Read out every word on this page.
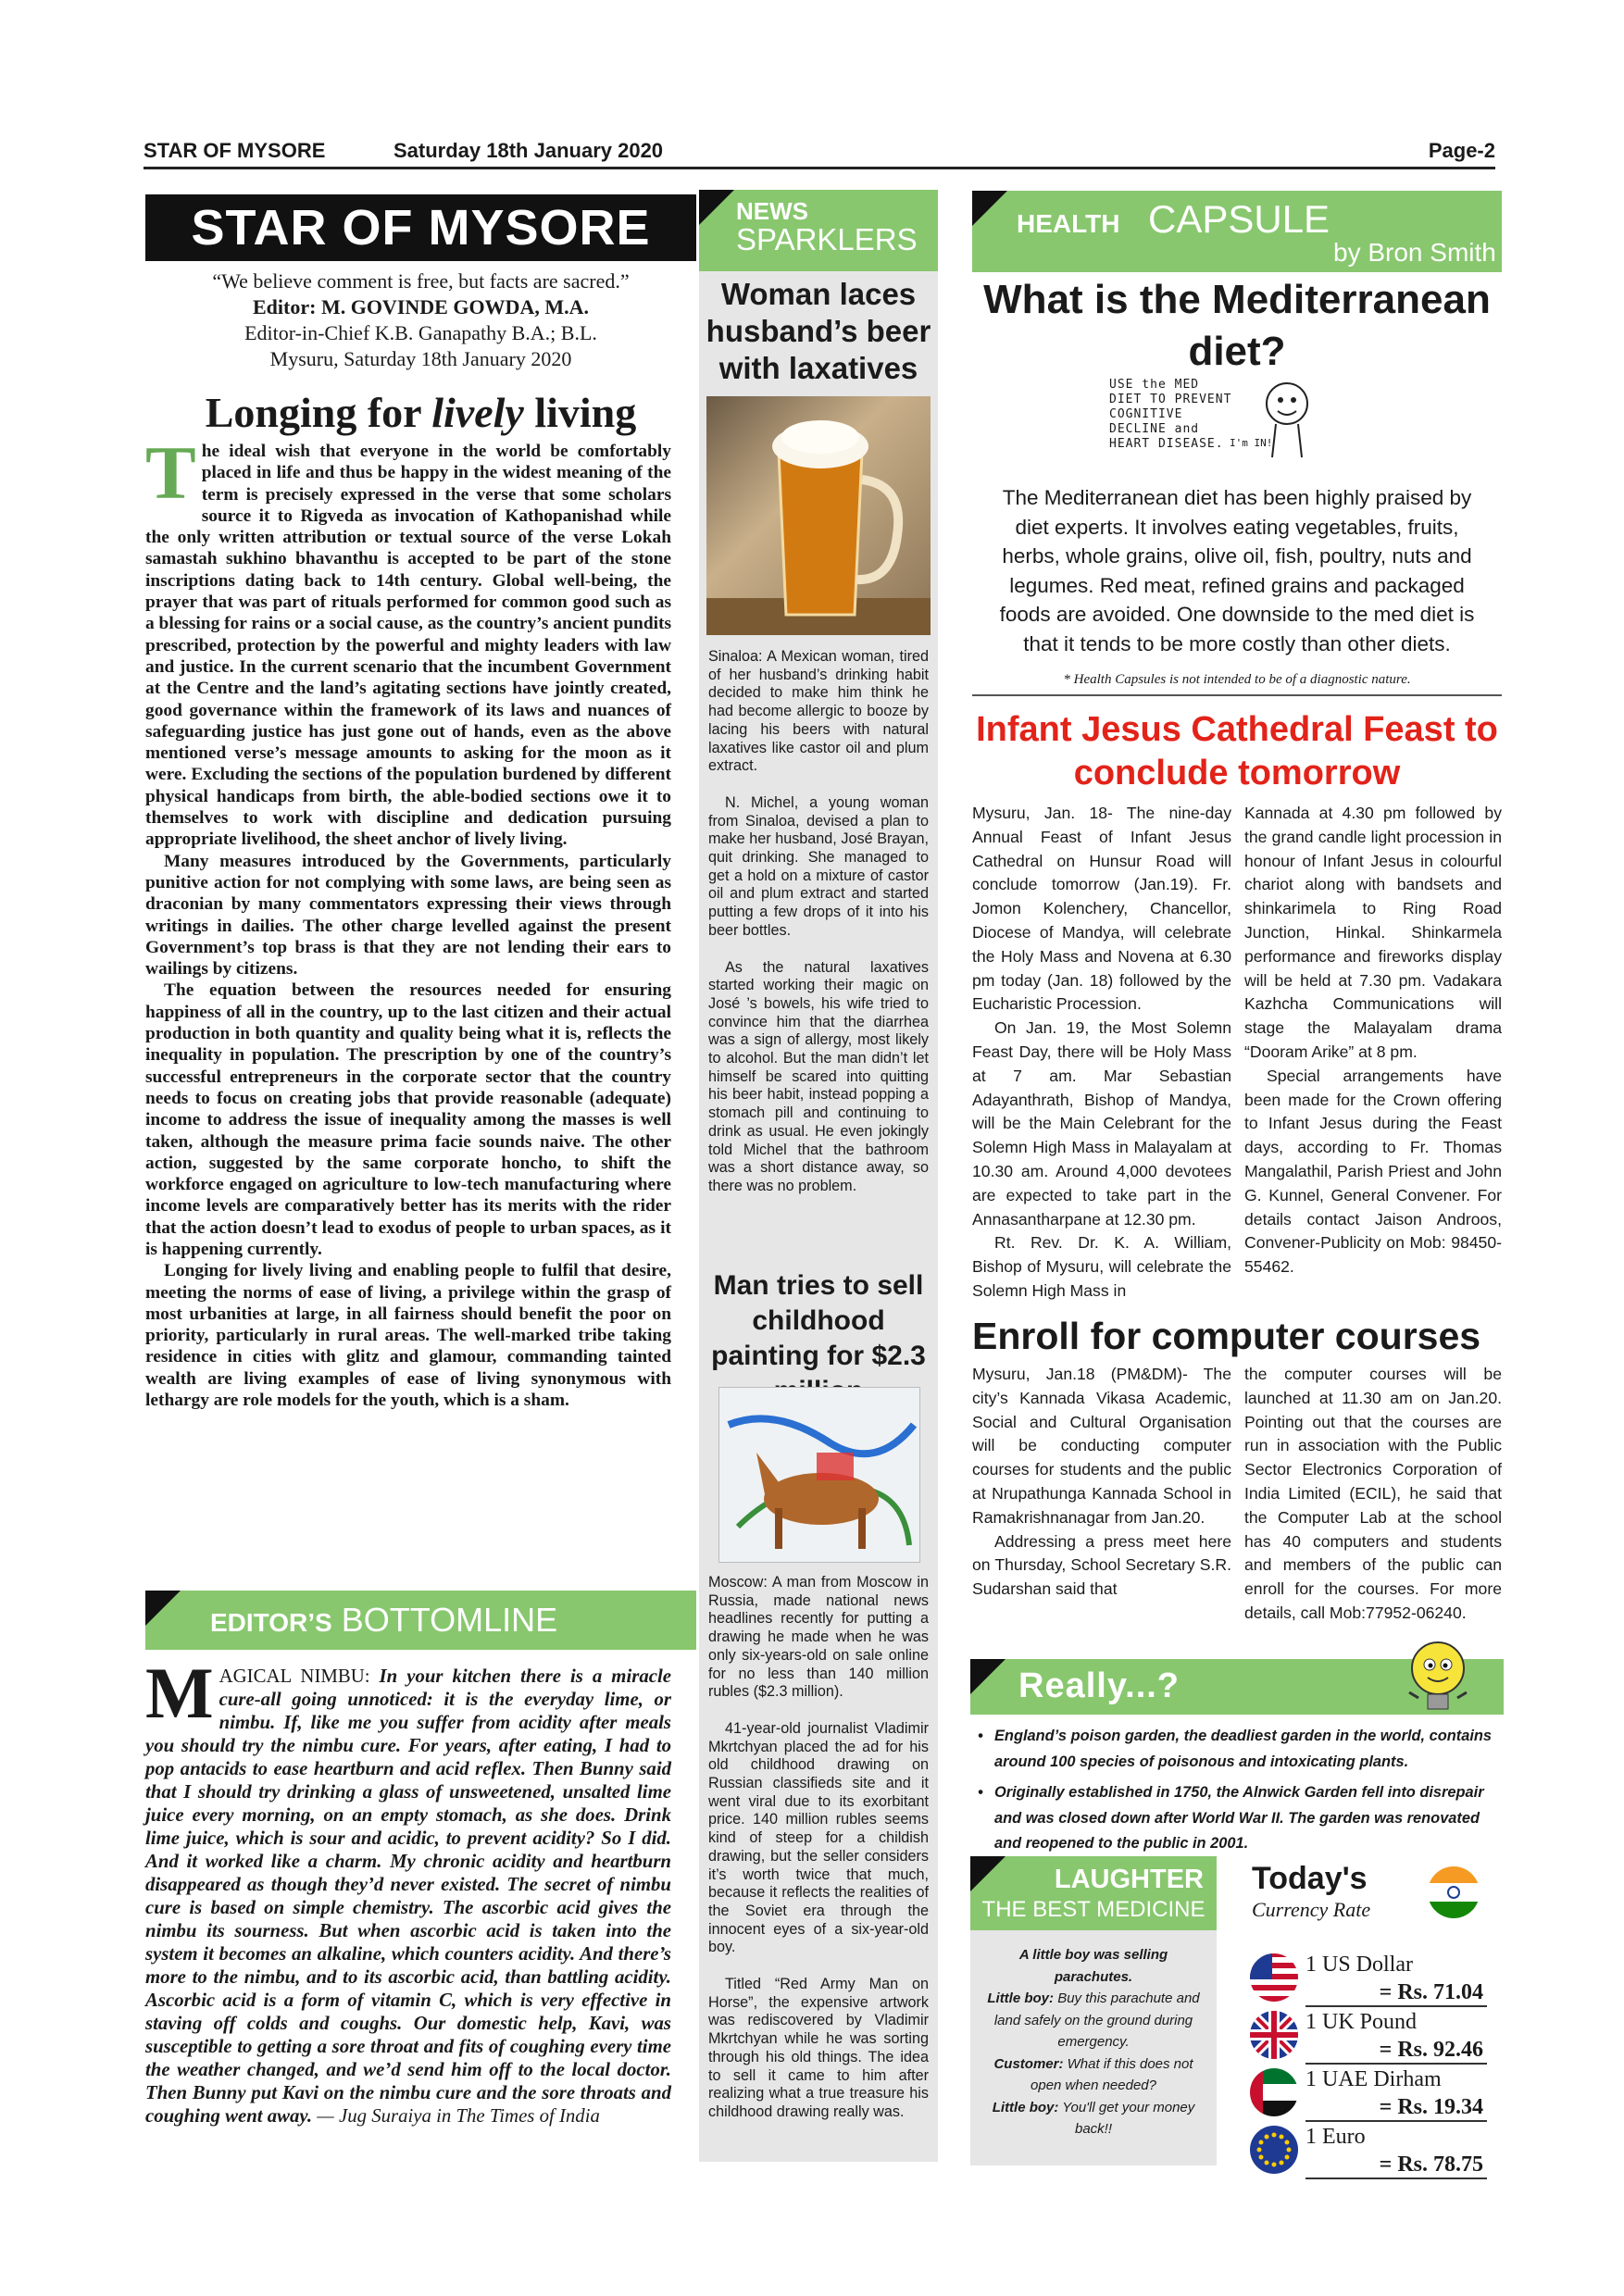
STAR OF MYSORE	Saturday 18th January 2020	Page-2
STAR OF MYSORE
“We believe comment is free, but facts are sacred.”
Editor: M. GOVINDE GOWDA, M.A.
Editor-in-Chief K.B. Ganapathy B.A.; B.L.
Mysuru, Saturday 18th January 2020
Longing for lively living

The ideal wish that everyone in the world be comfortably placed in life and thus be happy in the widest meaning of the term is precisely expressed in the verse that some scholars source it to Rigveda as invocation of Kathopanishad while the only written attribution or textual source of the verse Lokah samastah sukhino bhavanthu is accepted to be part of the stone inscriptions dating back to 14th century. Global well-being, the prayer that was part of rituals performed for common good such as a blessing for rains or a social cause, as the country’s ancient pundits prescribed, protection by the powerful and mighty leaders with law and justice. In the current scenario that the incumbent Government at the Centre and the land’s agitating sections have jointly created, good governance within the framework of its laws and nuances of safeguarding justice has just gone out of hands, even as the above mentioned verse’s message amounts to asking for the moon as it were. Excluding the sections of the population burdened by different physical handicaps from birth, the able-bodied sections owe it to themselves to work with discipline and dedication pursuing appropriate livelihood, the sheet anchor of lively living.

Many measures introduced by the Governments, particularly punitive action for not complying with some laws, are being seen as draconian by many commentators expressing their views through writings in dailies. The other charge levelled against the present Government’s top brass is that they are not lending their ears to wailings by citizens.

The equation between the resources needed for ensuring happiness of all in the country, up to the last citizen and their actual production in both quantity and quality being what it is, reflects the inequality in population. The prescription by one of the country’s successful entrepreneurs in the corporate sector that the country needs to focus on creating jobs that provide reasonable (adequate) income to address the issue of inequality among the masses is well taken, although the measure prima facie sounds naive. The other action, suggested by the same corporate honcho, to shift the workforce engaged on agriculture to low-tech manufacturing where income levels are comparatively better has its merits with the rider that the action doesn’t lead to exodus of people to urban spaces, as it is happening currently.

Longing for lively living and enabling people to fulfil that desire, meeting the norms of ease of living, a privilege within the grasp of most urbanities at large, in all fairness should benefit the poor on priority, particularly in rural areas. The well-marked tribe taking residence in cities with glitz and glamour, commanding tainted wealth are living examples of ease of living synonymous with lethargy are role models for the youth, which is a sham.

EDITOR’S BOTTOMLINE
MAGICAL NIMBU: In your kitchen there is a miracle cure-all going unnoticed: it is the everyday lime, or nimbu. If, like me you suffer from acidity after meals you should try the nimbu cure. For years, after eating, I had to pop antacids to ease heartburn and acid reflex. Then Bunny said that I should try drinking a glass of unsweetened, unsalted lime juice every morning, on an empty stomach, as she does. Drink lime juice, which is sour and acidic, to prevent acidity? So I did. And it worked like a charm. My chronic acidity and heartburn disappeared as though they’d never existed. The secret of nimbu cure is based on simple chemistry. The ascorbic acid gives the nimbu its sourness. But when ascorbic acid is taken into the system it becomes an alkaline, which counters acidity. And there’s more to the nimbu, and to its ascorbic acid, than battling acidity. Ascorbic acid is a form of vitamin C, which is very effective in staving off colds and coughs. Our domestic help, Kavi, was susceptible to getting a sore throat and fits of coughing every time the weather changed, and we’d send him off to the local doctor. Then Bunny put Kavi on the nimbu cure and the sore throats and coughing went away. — Jug Suraiya in The Times of India
NEWS
SPARKLERS
Woman laces husband’s beer with laxatives

Sinaloa: A Mexican woman, tired of her husband’s drinking habit decided to make him think he had become allergic to booze by lacing his beers with natural laxatives like castor oil and plum extract.

N. Michel, a young woman from Sinaloa, devised a plan to make her husband, José Brayan, quit drinking. She managed to get a hold on a mixture of castor oil and plum extract and started putting a few drops of it into his beer bottles.

As the natural laxatives started working their magic on José ’s bowels, his wife tried to convince him that the diarrhea was a sign of allergy, most likely to alcohol. But the man didn’t let himself be scared into quitting his beer habit, instead popping a stomach pill and continuing to drink as usual. He even jokingly told Michel that the bathroom was a short distance away, so there was no problem.

Man tries to sell childhood painting for $2.3

Moscow: A man from Moscow in Russia, made national news headlines recently for putting a drawing he made when he was only six-years-old on sale online for no less than 140 million rubles ($2.3 million).

41-year-old journalist Vladimir Mkrtchyan placed the ad for his old childhood drawing on Russian classifieds site and it went viral due to its exorbitant price. 140 million rubles seems kind of steep for a childish drawing, but the seller considers it’s worth twice that much, because it reflects the realities of the Soviet era through the innocent eyes of a six-year-old boy.

Titled “Red Army Man on Horse”, the expensive artwork was rediscovered by Vladimir Mkrtchyan while he was sorting through his old things. The idea to sell it came to him after realizing what a true treasure his childhood drawing really was.

HEALTH CAPSULE
by Bron Smith
What is the Mediterranean diet?
USE the MED
DIET TO PREVENT
COGNITIVE
DECLINE and
HEART DISEASE. I'm IN!
The Mediterranean diet has been highly praised by diet experts. It involves eating vegetables, fruits, herbs, whole grains, olive oil, fish, poultry, nuts and legumes. Red meat, refined grains and packaged foods are avoided. One downside to the med diet is that it tends to be more costly than other diets.
* Health Capsules is not intended to be of a diagnostic nature.
Infant Jesus Cathedral Feast to conclude tomorrow

Mysuru, Jan. 18- The nine-day Annual Feast of Infant Jesus Cathedral on Hunsur Road will conclude tomorrow (Jan.19). Fr. Jomon Kolenchery, Chancellor, Diocese of Mandya, will celebrate the Holy Mass and Novena at 6.30 pm today (Jan. 18) followed by the Eucharistic Procession.

On Jan. 19, the Most Solemn Feast Day, there will be Holy Mass at 7 am. Mar Sebastian Adayanthrath, Bishop of Mandya, will be the Main Celebrant for the Solemn High Mass in Malayalam at 10.30 am. Around 4,000 devotees are expected to take part in the Annasantharpane at 12.30 pm.

Rt. Rev. Dr. K. A. William, Bishop of Mysuru, will celebrate the Solemn High Mass in

Kannada at 4.30 pm followed by the grand candle light procession in honour of Infant Jesus in colourful chariot along with bandsets and shinkarimela to Ring Road Junction, Hinkal. Shinkarmela performance and fireworks display will be held at 7.30 pm. Vadakara Kazhcha Communications will stage the Malayalam drama “Dooram Arike” at 8 pm.

Special arrangements have been made for the Crown offering to Infant Jesus during the Feast days, according to Fr. Thomas Mangalathil, Parish Priest and John G. Kunnel, General Convener. For details contact Jaison Androos, Convener-Publicity on Mob: 98450-55462.

Enroll for computer courses

Mysuru, Jan.18 (PM&DM)- The city’s Kannada Vikasa Academic, Social and Cultural Organisation will be conducting computer courses for students and the public at Nrupathunga Kannada School in Ramakrishnanagar from Jan.20.

Addressing a press meet here on Thursday, School Secretary S.R. Sudarshan said that

the computer courses will be launched at 11.30 am on Jan.20. Pointing out that the courses are run in association with the Public Sector Electronics Corporation of India Limited (ECIL), he said that the Computer Lab at the school has 40 computers and students and members of the public can enroll for the courses. For more details, call Mob:77952-06240.

Really...?
• England’s poison garden, the deadliest garden in the world, contains around 100 species of poisonous and intoxicating plants.
• Originally established in 1750, the Alnwick Garden fell into disrepair and was closed down after World War II. The garden was renovated and reopened to the public in 2001.
LAUGHTER
THE BEST MEDICINE
A little boy was selling parachutes.
Little boy: Buy this parachute and land safely on the ground during emergency.
Customer: What if this does not open when needed?
Little boy: You'll get your money back!!
Today's
Currency Rate
1 US Dollar
= Rs. 71.04
1 UK Pound
= Rs. 92.46
1 UAE Dirham
= Rs. 19.34
1 Euro
= Rs. 78.75
